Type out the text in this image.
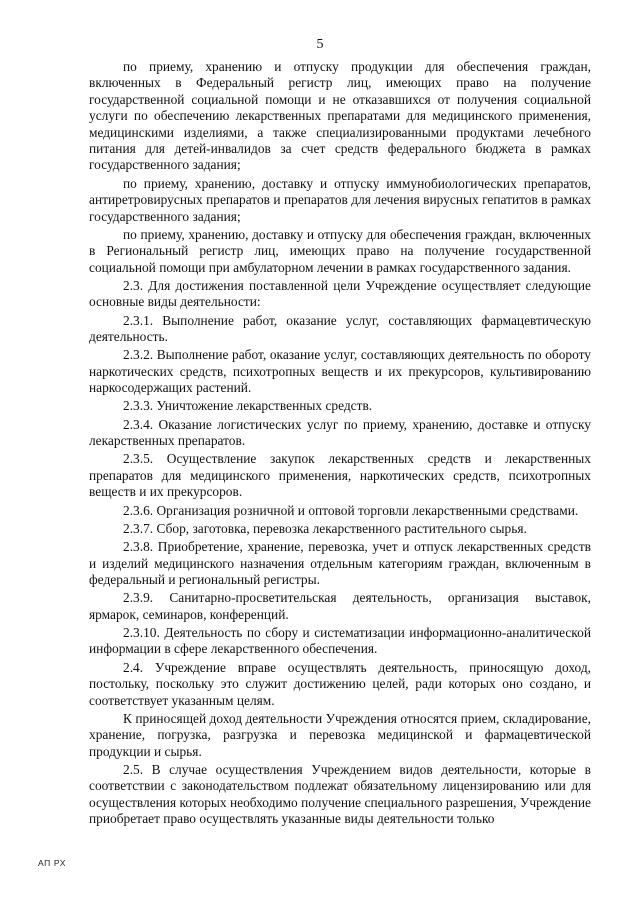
5

по приему, хранению и отпуску продукции для обеспечения граждан, включенных в Федеральный регистр лиц, имеющих право на получение государственной социальной помощи и не отказавшихся от получения социальной услуги по обеспечению лекарственных препаратами для медицинского применения, медицинскими изделиями, а также специализированными продуктами лечебного питания для детей-инвалидов за счет средств федерального бюджета в рамках государственного задания;

по приему, хранению, доставку и отпуску иммунобиологических препаратов, антиретровирусных препаратов и препаратов для лечения вирусных гепатитов в рамках государственного задания;

по приему, хранению, доставку и отпуску для обеспечения граждан, включенных в Региональный регистр лиц, имеющих право на получение государственной социальной помощи при амбулаторном лечении в рамках государственного задания.

2.3. Для достижения поставленной цели Учреждение осуществляет следующие основные виды деятельности:

2.3.1. Выполнение работ, оказание услуг, составляющих фармацевтическую деятельность.

2.3.2. Выполнение работ, оказание услуг, составляющих деятельность по обороту наркотических средств, психотропных веществ и их прекурсоров, культивированию наркосодержащих растений.

2.3.3. Уничтожение лекарственных средств.

2.3.4. Оказание логистических услуг по приему, хранению, доставке и отпуску лекарственных препаратов.

2.3.5. Осуществление закупок лекарственных средств и лекарственных препаратов для медицинского применения, наркотических средств, психотропных веществ и их прекурсоров.

2.3.6. Организация розничной и оптовой торговли лекарственными средствами.

2.3.7. Сбор, заготовка, перевозка лекарственного растительного сырья.

2.3.8. Приобретение, хранение, перевозка, учет и отпуск лекарственных средств и изделий медицинского назначения отдельным категориям граждан, включенным в федеральный и региональный регистры.

2.3.9. Санитарно-просветительская деятельность, организация выставок, ярмарок, семинаров, конференций.

2.3.10. Деятельность по сбору и систематизации информационно-аналитической информации в сфере лекарственного обеспечения.

2.4. Учреждение вправе осуществлять деятельность, приносящую доход, постольку, поскольку это служит достижению целей, ради которых оно создано, и соответствует указанным целям.

К приносящей доход деятельности Учреждения относятся прием, складирование, хранение, погрузка, разгрузка и перевозка медицинской и фармацевтической продукции и сырья.

2.5. В случае осуществления Учреждением видов деятельности, которые в соответствии с законодательством подлежат обязательному лицензированию или для осуществления которых необходимо получение специального разрешения, Учреждение приобретает право осуществлять указанные виды деятельности только

АП РХ
